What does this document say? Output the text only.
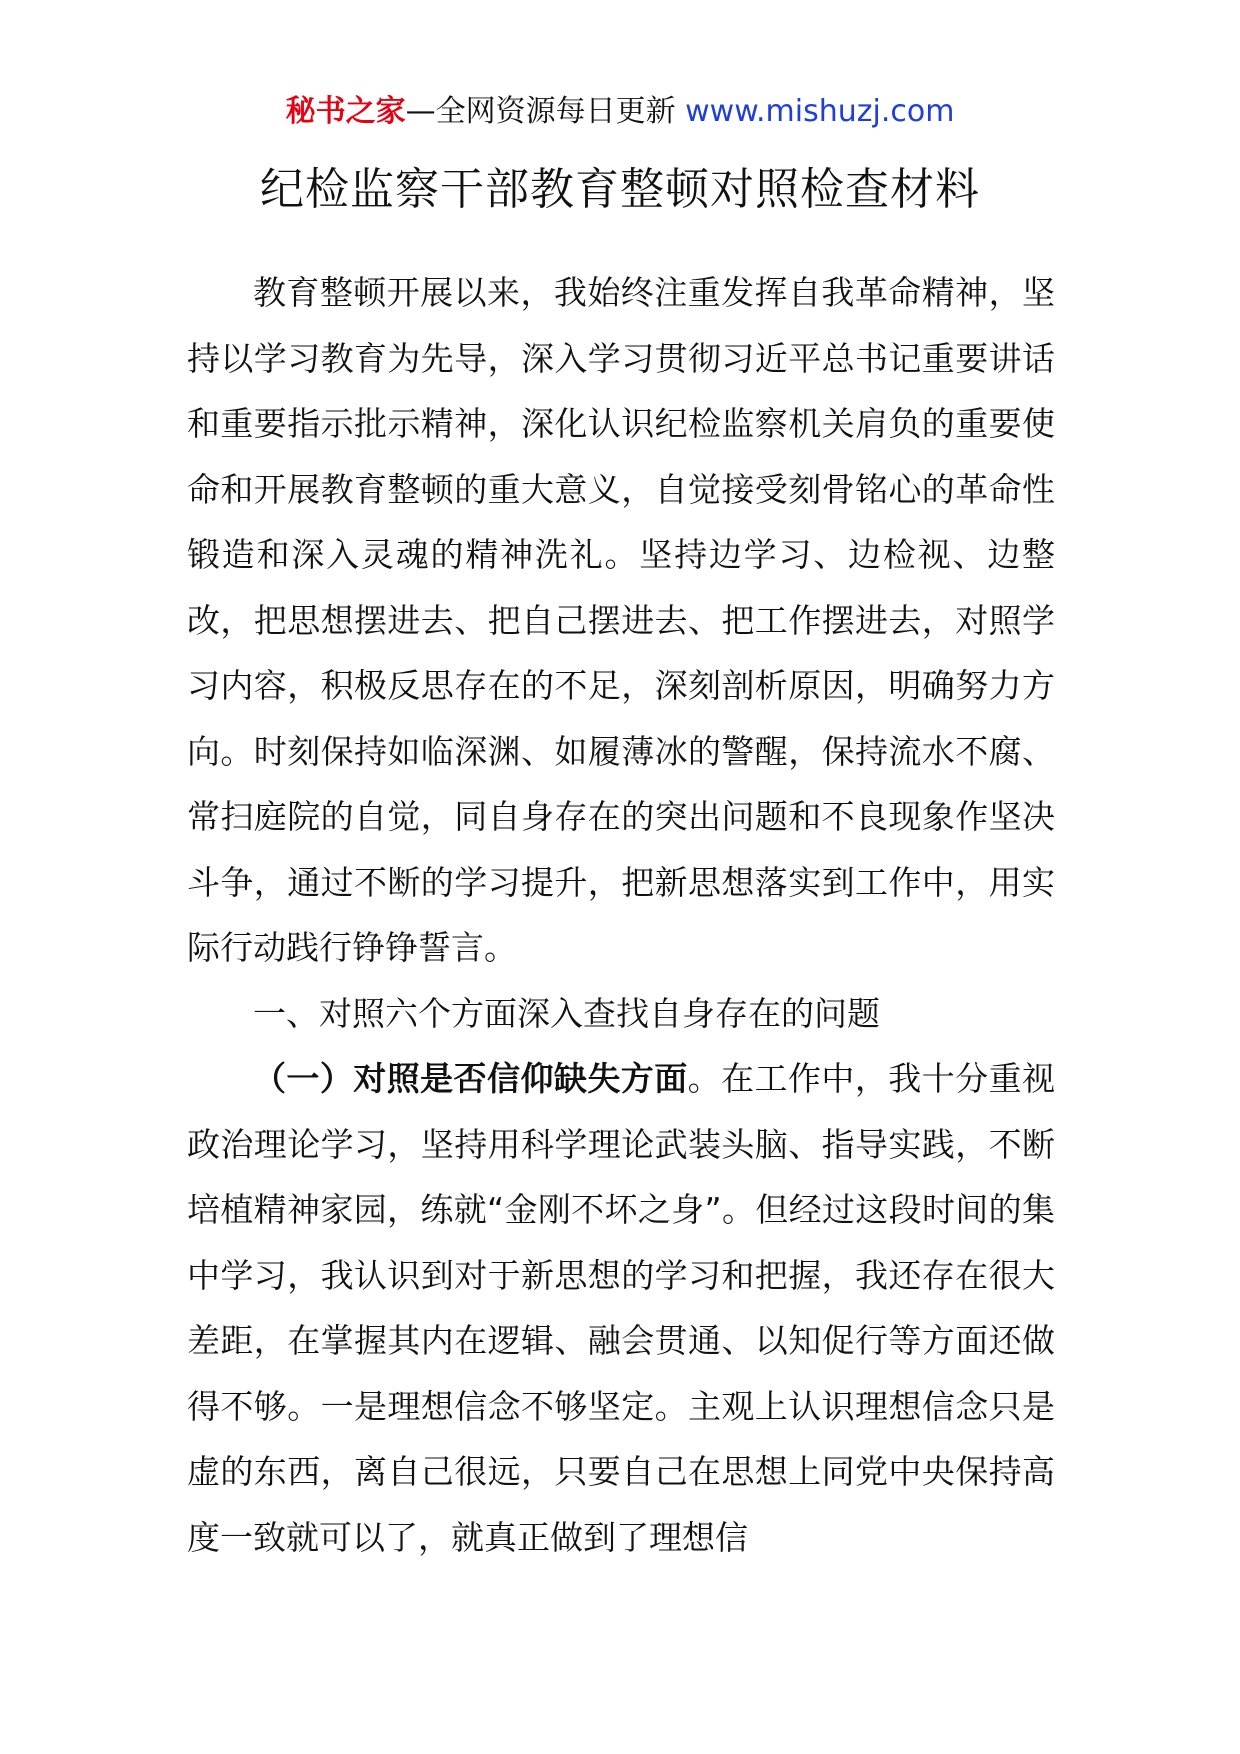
秘书之家—全网资源每日更新 www.mishuzj.com
纪检监察干部教育整顿对照检查材料

教育整顿开展以来，我始终注重发挥自我革命精神，坚持以学习教育为先导，深入学习贯彻习近平总书记重要讲话和重要指示批示精神，深化认识纪检监察机关肩负的重要使命和开展教育整顿的重大意义，自觉接受刻骨铭心的革命性锻造和深入灵魂的精神洗礼。坚持边学习、边检视、边整改，把思想摆进去、把自己摆进去、把工作摆进去，对照学习内容，积极反思存在的不足，深刻剖析原因，明确努力方向。时刻保持如临深渊、如履薄冰的警醒，保持流水不腐、常扫庭院的自觉，同自身存在的突出问题和不良现象作坚决斗争，通过不断的学习提升，把新思想落实到工作中，用实际行动践行铮铮誓言。

一、对照六个方面深入查找自身存在的问题

（一）对照是否信仰缺失方面。在工作中，我十分重视政治理论学习，坚持用科学理论武装头脑、指导实践，不断培植精神家园，练就“金刚不坏之身”。但经过这段时间的集中学习，我认识到对于新思想的学习和把握，我还存在很大差距，在掌握其内在逻辑、融会贯通、以知促行等方面还做得不够。一是理想信念不够坚定。主观上认识理想信念只是虚的东西，离自己很远，只要自己在思想上同党中央保持高度一致就可以了，就真正做到了理想信
